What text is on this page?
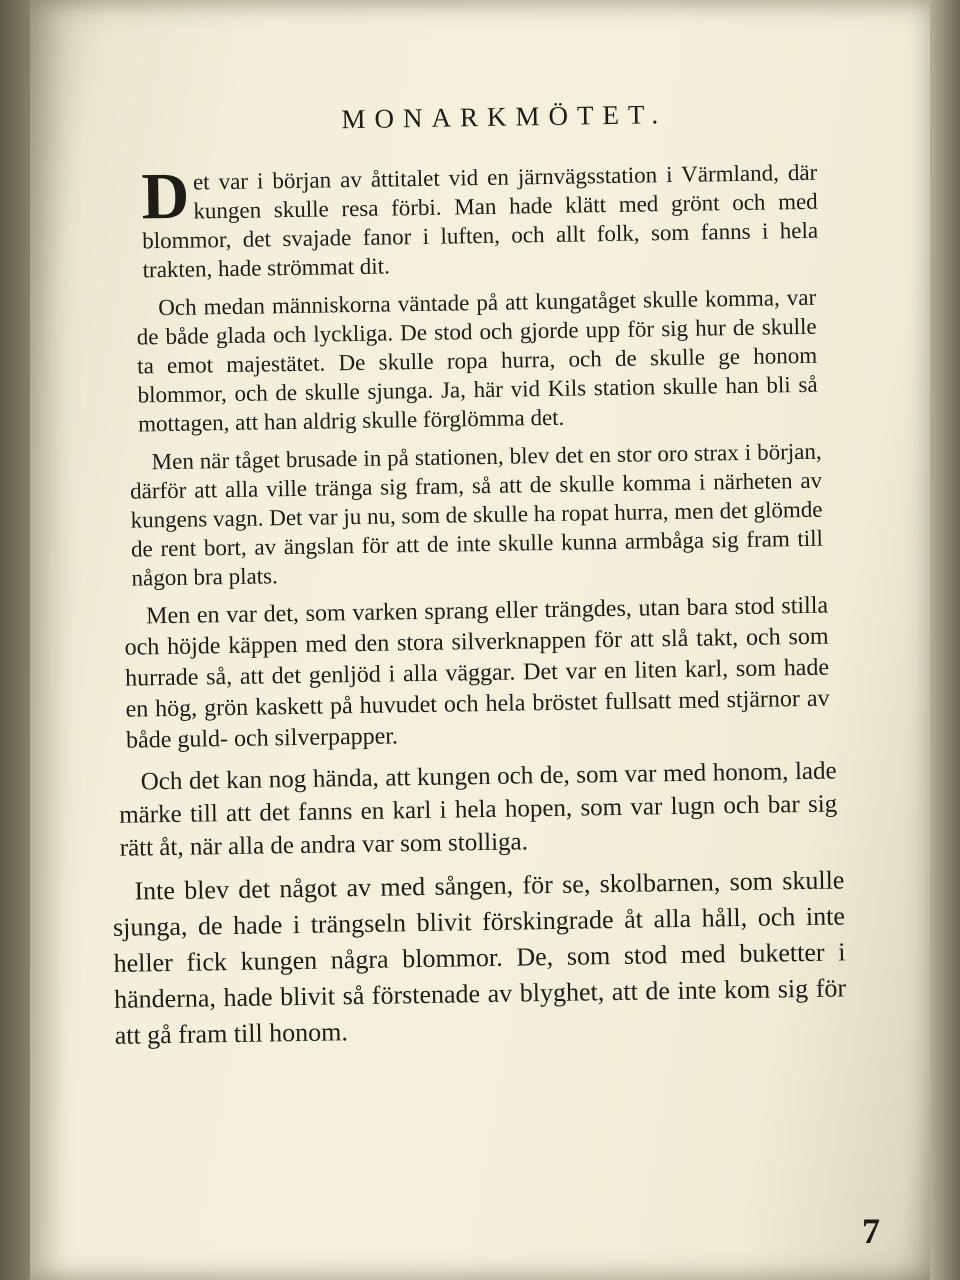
MONARKMÖTET.

Det var i början av åttitalet vid en järnvägsstation i Värmland, där kungen skulle resa förbi. Man hade klätt med grönt och med blommor, det svajade fanor i luften, och allt folk, som fanns i hela trakten, hade strömmat dit.

Och medan människorna väntade på att kungatåget skulle komma, var de både glada och lyckliga. De stod och gjorde upp för sig hur de skulle ta emot majestätet. De skulle ropa hurra, och de skulle ge honom blommor, och de skulle sjunga. Ja, här vid Kils station skulle han bli så mottagen, att han aldrig skulle förglömma det.

Men när tåget brusade in på stationen, blev det en stor oro strax i början, därför att alla ville tränga sig fram, så att de skulle komma i närheten av kungens vagn. Det var ju nu, som de skulle ha ropat hurra, men det glömde de rent bort, av ängslan för att de inte skulle kunna armbåga sig fram till någon bra plats.

Men en var det, som varken sprang eller trängdes, utan bara stod stilla och höjde käppen med den stora silverknappen för att slå takt, och som hurrade så, att det genljöd i alla väggar. Det var en liten karl, som hade en hög, grön kaskett på huvudet och hela bröstet fullsatt med stjärnor av både guld- och silverpapper.

Och det kan nog hända, att kungen och de, som var med honom, lade märke till att det fanns en karl i hela hopen, som var lugn och bar sig rätt åt, när alla de andra var som stolliga.

Inte blev det något av med sången, för se, skolbarnen, som skulle sjunga, de hade i trängseln blivit förskingrade åt alla håll, och inte heller fick kungen några blommor. De, som stod med buketter i händerna, hade blivit så förstenade av blyghet, att de inte kom sig för att gå fram till honom.

7
